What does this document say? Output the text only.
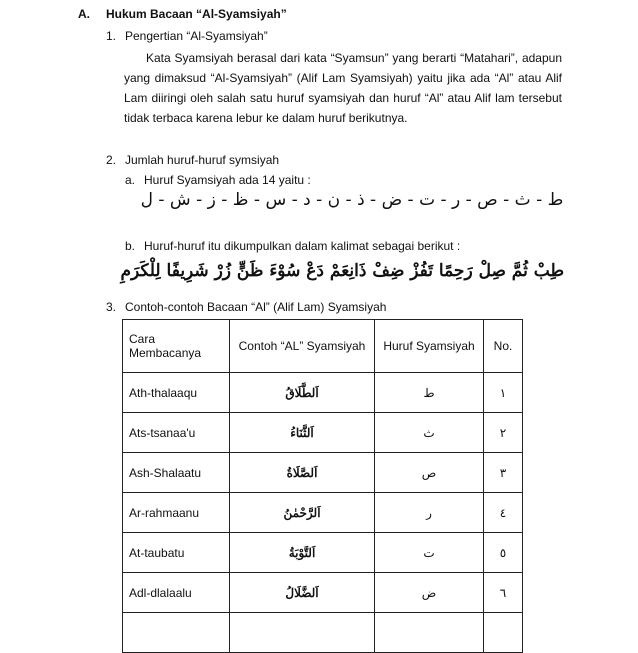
A. Hukum Bacaan “Al-Syamsiyah”
1. Pengertian “Al-Syamsiyah”
Kata Syamsiyah berasal dari kata “Syamsun” yang berarti “Matahari”, adapun yang dimaksud “Al-Syamsiyah” (Alif Lam Syamsiyah) yaitu jika ada “Al” atau Alif Lam diiringi oleh salah satu huruf syamsiyah dan huruf “Al” atau Alif lam tersebut tidak terbaca karena lebur ke dalam huruf berikutnya.
2. Jumlah huruf-huruf symsiyah
a. Huruf Syamsiyah ada 14 yaitu :
ط - ث - ص - ر - ت - ض - ذ - ن - د - س - ظ - ز - ش - ل
b. Huruf-huruf itu dikumpulkan dalam kalimat sebagai berikut :
طِبْ ثُمَّ صِلْ رَحِمًا تَفُزْ ضِفْ ذَانِعَمْ دَعْ سُوْءَ ظَنٍّ زُرْ شَرِيفًا لِلْكَرَمِ
3. Contoh-contoh Bacaan “Al” (Alif Lam) Syamsiyah
Cara Membacanya	Contoh “AL” Syamsiyah	Huruf Syamsiyah	No.
Ath-thalaaqu	اَلطَّلَاقُ	ط	١
Ats-tsanaa'u	اَلثَّنَاءُ	ث	٢
Ash-Shalaatu	اَلصَّلَاةُ	ص	٣
Ar-rahmaanu	اَلرَّحْمٰنُ	ر	٤
At-taubatu	اَلتَّوْبَةُ	ت	٥
Adl-dlalaalu	اَلضَّلَالُ	ض	٦
